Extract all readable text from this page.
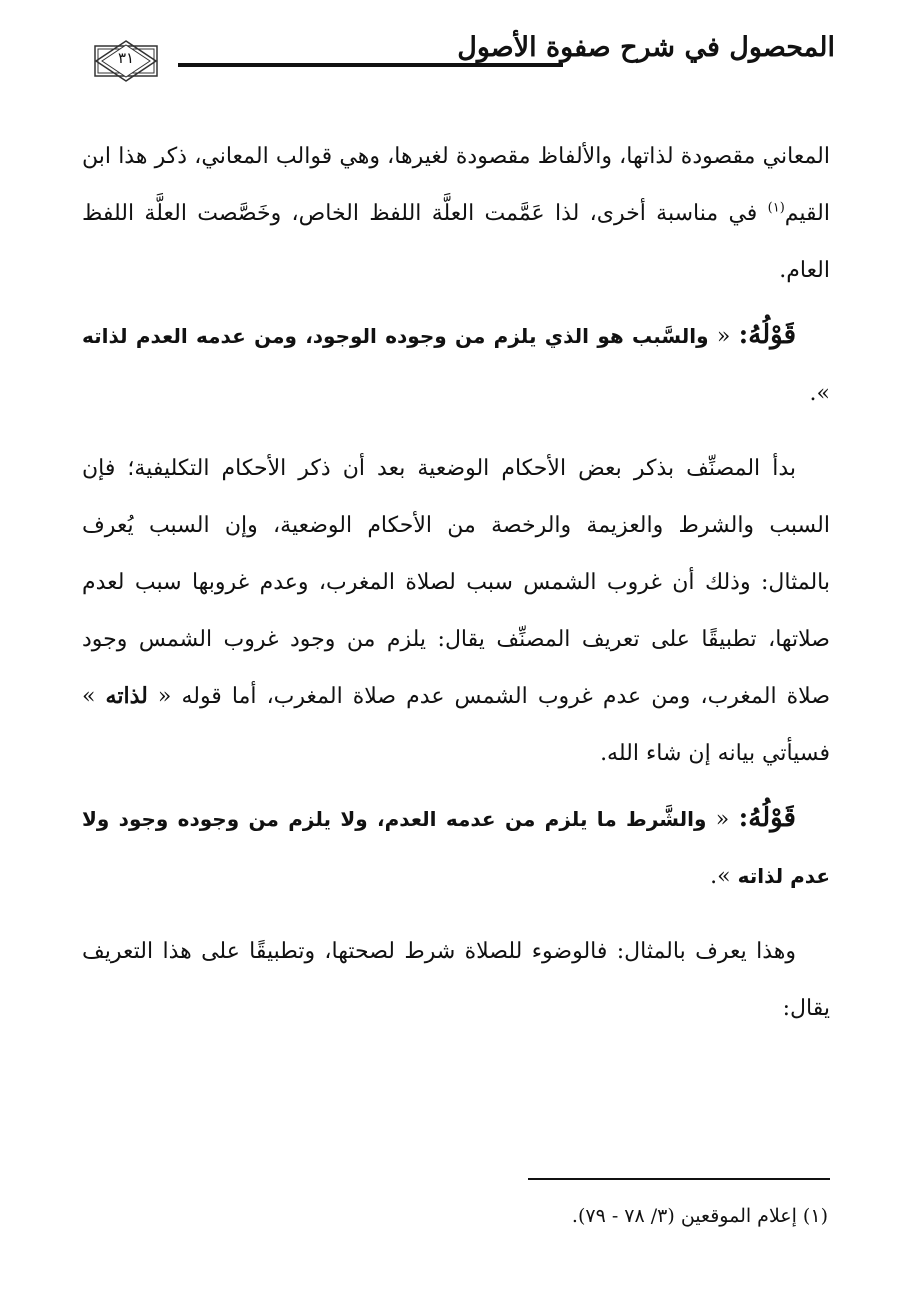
المحصول في شرح صفوة الأصول
٣١

المعاني مقصودة لذاتها، والألفاظ مقصودة لغيرها، وهي قوالب المعاني، ذكر هذا ابن القيم$^{(١)}$ في مناسبة أخرى، لذا عَمَّمت العلَّة اللفظ الخاص، وخَصَّصت العلَّة اللفظ العام.

قَوْلُهُ: « والسَّبب هو الذي يلزم من وجوده الوجود، ومن عدمه العدم لذاته ».

بدأ المصنِّف بذكر بعض الأحكام الوضعية بعد أن ذكر الأحكام التكليفية؛ فإن السبب والشرط والعزيمة والرخصة من الأحكام الوضعية، وإن السبب يُعرف بالمثال: وذلك أن غروب الشمس سبب لصلاة المغرب، وعدم غروبها سبب لعدم صلاتها، تطبيقًا على تعريف المصنِّف يقال: يلزم من وجود غروب الشمس وجود صلاة المغرب، ومن عدم غروب الشمس عدم صلاة المغرب، أما قوله « لذاته » فسيأتي بيانه إن شاء الله.

قَوْلُهُ: « والشَّرط ما يلزم من عدمه العدم، ولا يلزم من وجوده وجود ولا عدم لذاته ».

وهذا يعرف بالمثال: فالوضوء للصلاة شرط لصحتها، وتطبيقًا على هذا التعريف يقال:

(١) إعلام الموقعين (٣/ ٧٨ - ٧٩).
